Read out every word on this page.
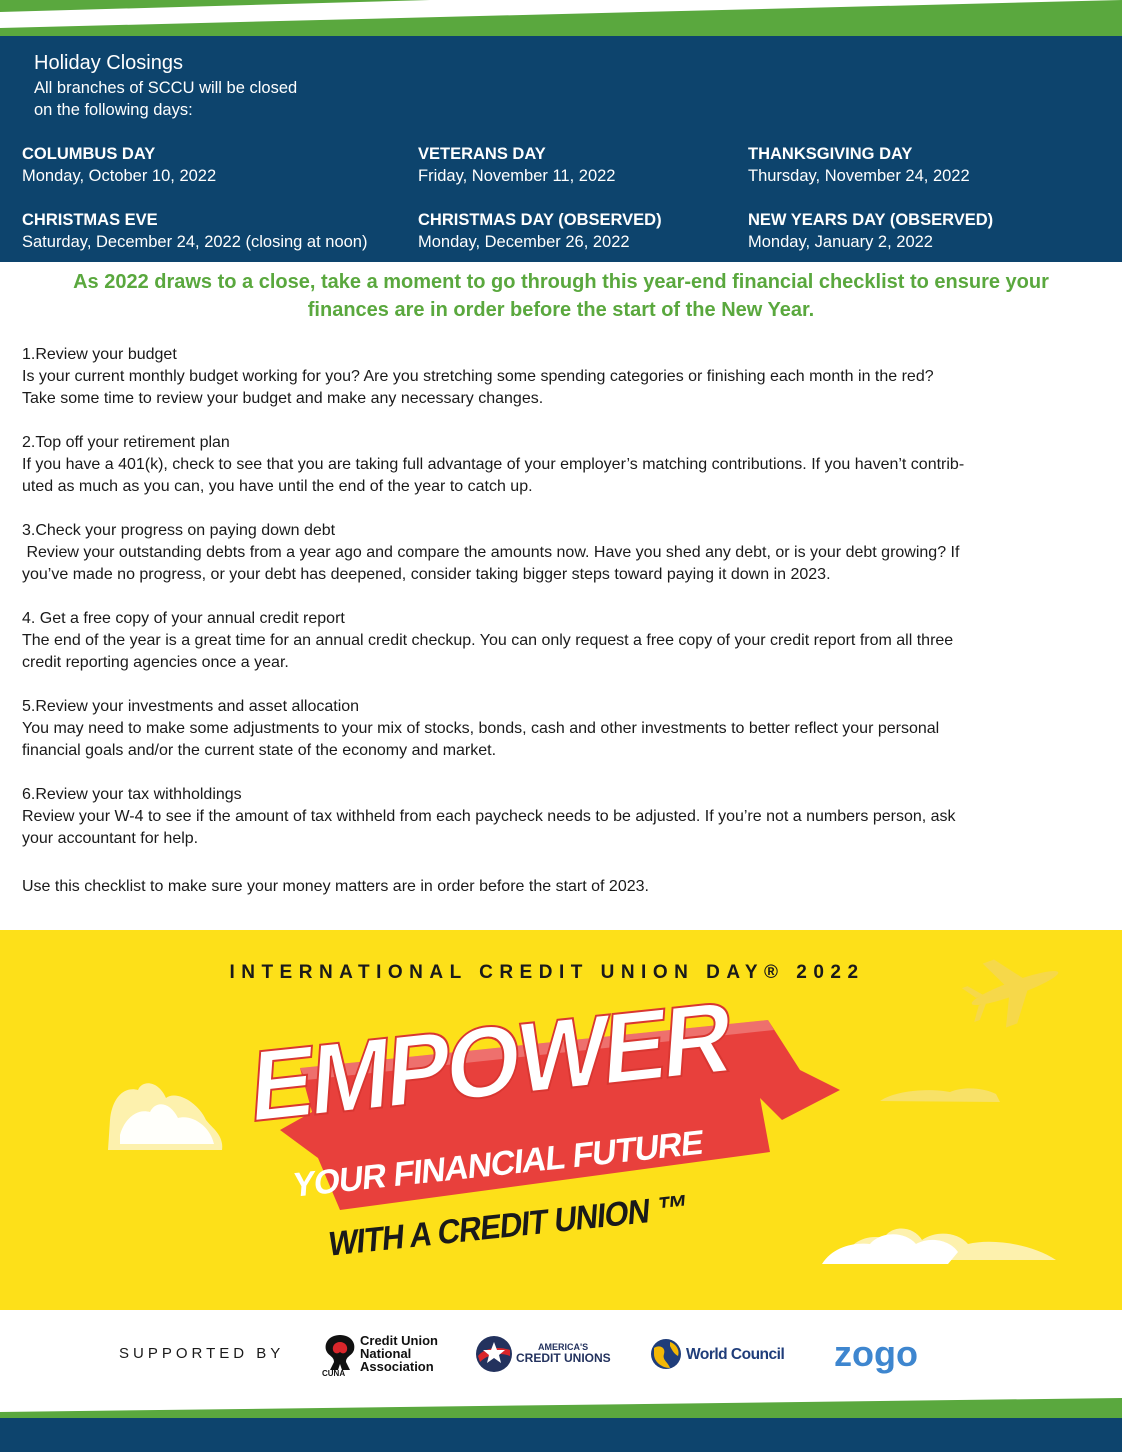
Holiday Closings
All branches of SCCU will be closed
on the following days:
COLUMBUS DAY
Monday, October 10, 2022
VETERANS DAY
Friday, November 11, 2022
THANKSGIVING DAY
Thursday, November 24, 2022
CHRISTMAS EVE
Saturday, December 24, 2022 (closing at noon)
CHRISTMAS DAY (OBSERVED)
Monday, December 26, 2022
NEW YEARS DAY (OBSERVED)
Monday, January 2, 2022
As 2022 draws to a close, take a moment to go through this year-end financial checklist to ensure your
finances are in order before the start of the New Year.

1.Review your budget

Is your current monthly budget working for you? Are you stretching some spending categories or finishing each month in the red?

Take some time to review your budget and make any necessary changes.

2.Top off your retirement plan

If you have a 401(k), check to see that you are taking full advantage of your employer’s matching contributions. If you haven’t contrib-

uted as much as you can, you have until the end of the year to catch up.

3.Check your progress on paying down debt

Review your outstanding debts from a year ago and compare the amounts now. Have you shed any debt, or is your debt growing? If

you’ve made no progress, or your debt has deepened, consider taking bigger steps toward paying it down in 2023.

4. Get a free copy of your annual credit report

The end of the year is a great time for an annual credit checkup. You can only request a free copy of your credit report from all three

credit reporting agencies once a year.

5.Review your investments and asset allocation

You may need to make some adjustments to your mix of stocks, bonds, cash and other investments to better reflect your personal

financial goals and/or the current state of the economy and market.

6.Review your tax withholdings

Review your W-4 to see if the amount of tax withheld from each paycheck needs to be adjusted. If you’re not a numbers person, ask

your accountant for help.

Use this checklist to make sure your money matters are in order before the start of 2023.
EMPOWER
YOUR FINANCIAL FUTURE
WITH A CREDIT UNION ™
INTERNATIONAL CREDIT UNION DAY® 2022
SUPPORTED BY
CUNA
Credit Union
National
Association
AMERICA'S
CREDIT UNIONS	World Council zogo
